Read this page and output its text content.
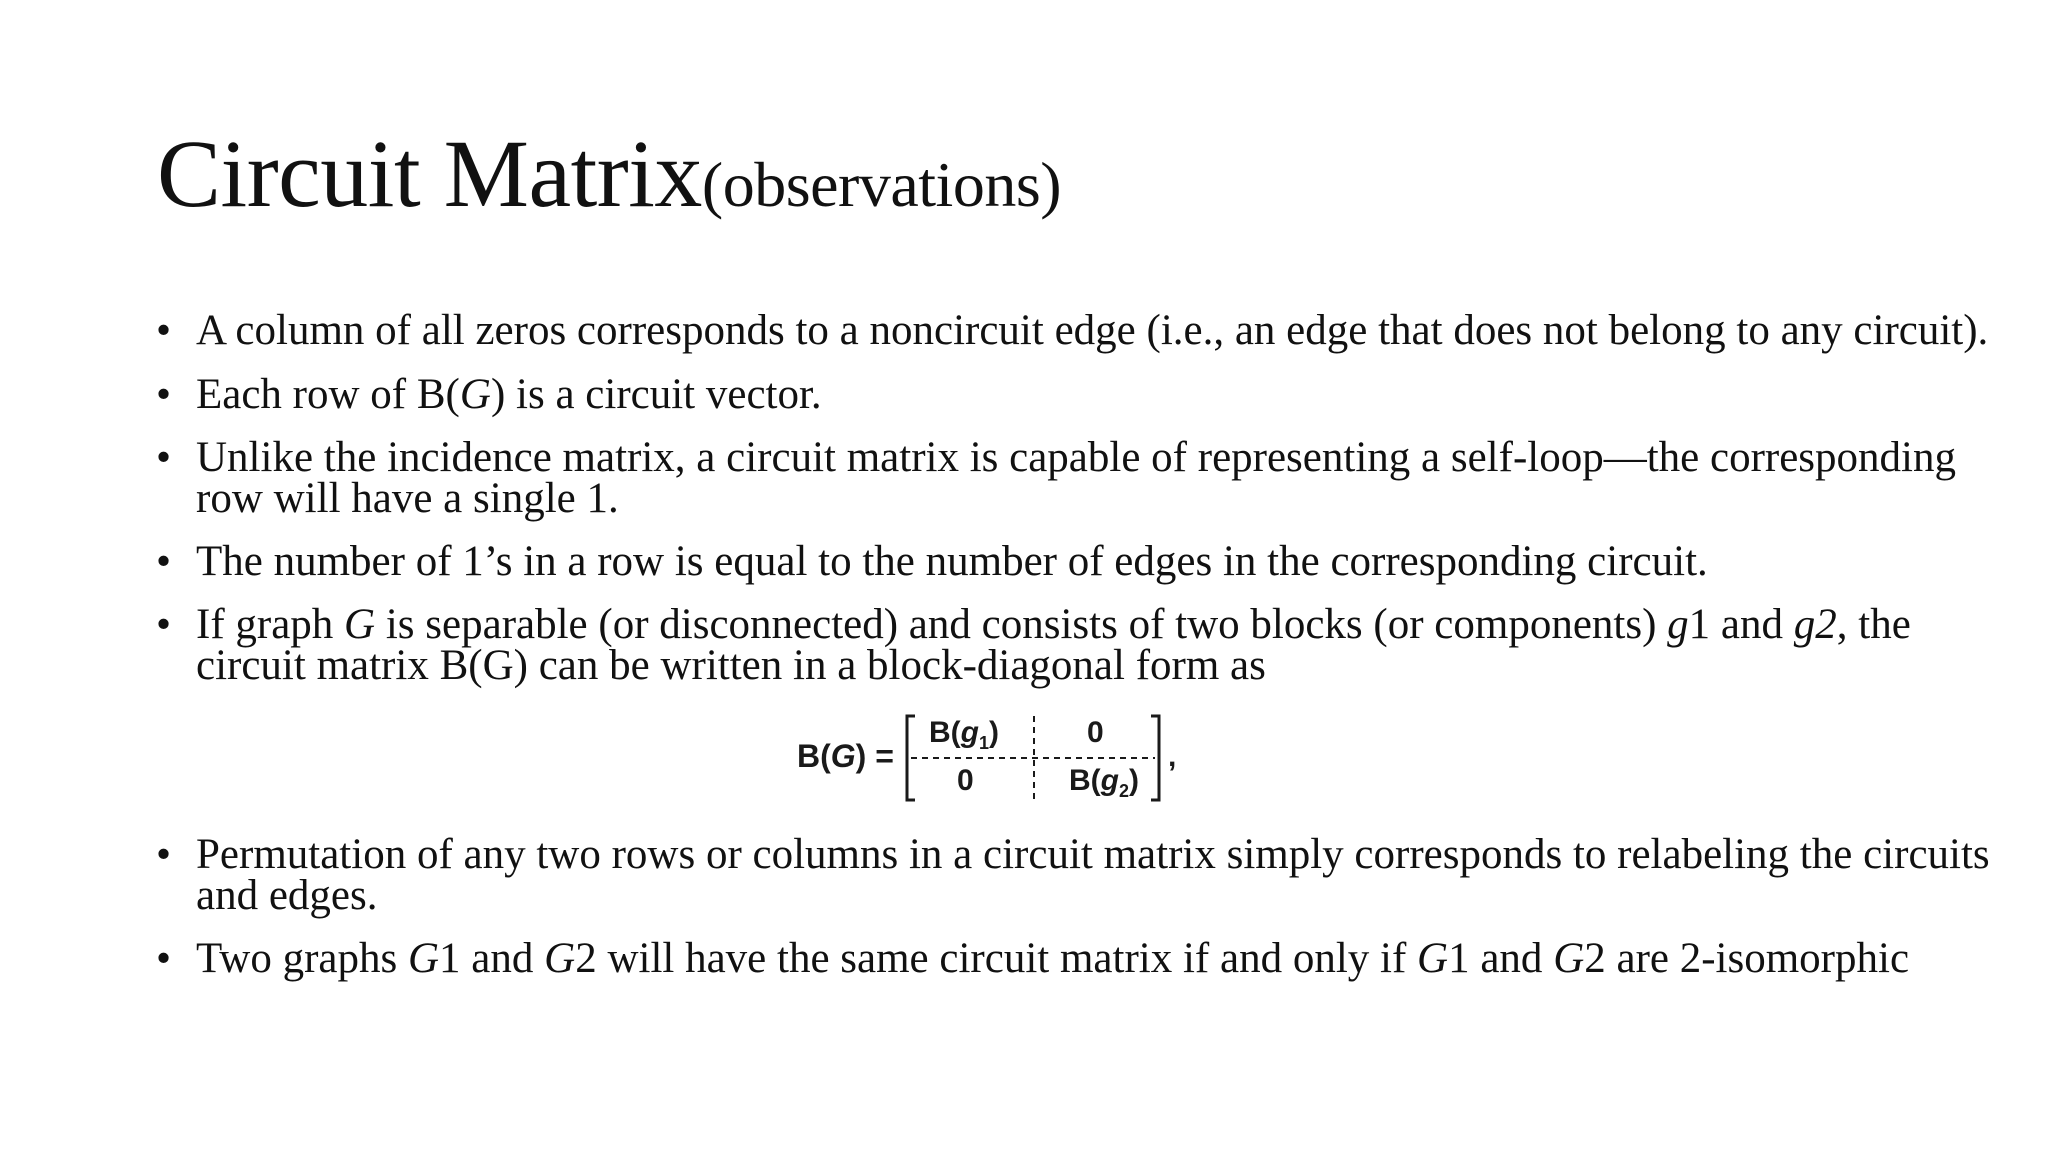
Circuit Matrix(observations)
• A column of all zeros corresponds to a noncircuit edge (i.e., an edge that does not belong to any circuit).
• Each row of B(G) is a circuit vector.
• Unlike the incidence matrix, a circuit matrix is capable of representing a self-loop—the corresponding row will have a single 1.
• The number of 1’s in a row is equal to the number of edges in the corresponding circuit.
• If graph G is separable (or disconnected) and consists of two blocks (or components) g1 and g2, the circuit matrix B(G) can be written in a block-diagonal form as
• Permutation of any two rows or columns in a circuit matrix simply corresponds to relabeling the circuits and edges.
• Two graphs G1 and G2 will have the same circuit matrix if and only if G1 and G2 are 2-isomorphic
B(G) =
$B(g_1)$	0
0	$B(g_2)$
,
